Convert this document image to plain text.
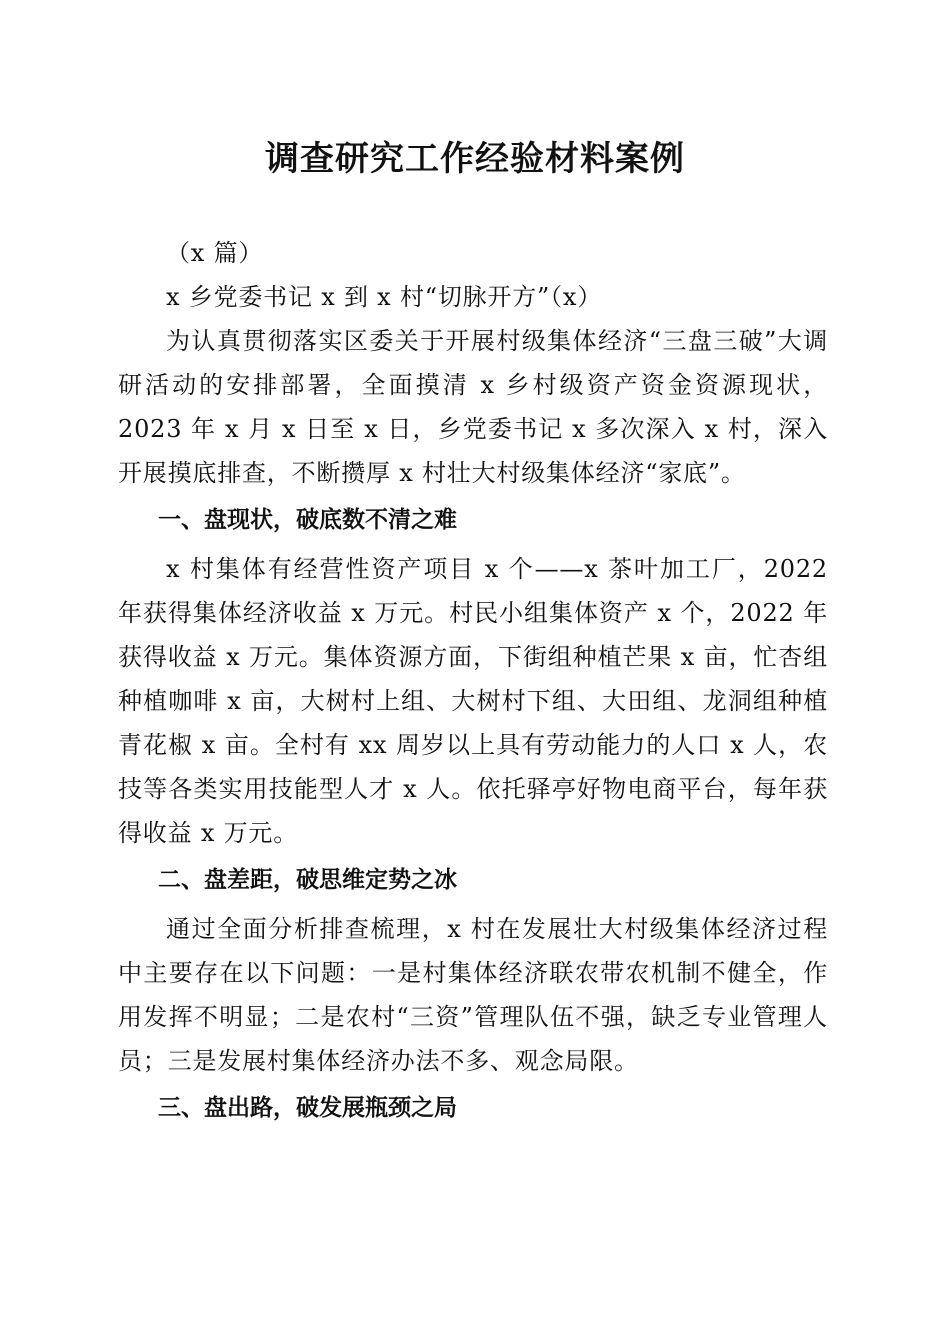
调查研究工作经验材料案例

（x 篇）

x 乡党委书记 x 到 x 村“切脉开方”（x）

为认真贯彻落实区委关于开展村级集体经济“三盘三破”大调研活动的安排部署，全面摸清 x 乡村级资产资金资源现状，2023 年 x 月 x 日至 x 日，乡党委书记 x 多次深入 x 村，深入开展摸底排查，不断攒厚 x 村壮大村级集体经济“家底”。

一、盘现状，破底数不清之难

x 村集体有经营性资产项目 x 个——x 茶叶加工厂，2022 年获得集体经济收益 x 万元。村民小组集体资产 x 个，2022 年获得收益 x 万元。集体资源方面，下街组种植芒果 x 亩，忙杏组种植咖啡 x 亩，大树村上组、大树村下组、大田组、龙洞组种植青花椒 x 亩。全村有 xx 周岁以上具有劳动能力的人口 x 人，农技等各类实用技能型人才 x 人。依托驿亭好物电商平台，每年获得收益 x 万元。

二、盘差距，破思维定势之冰

通过全面分析排查梳理，x 村在发展壮大村级集体经济过程中主要存在以下问题：一是村集体经济联农带农机制不健全，作用发挥不明显；二是农村“三资”管理队伍不强，缺乏专业管理人员；三是发展村集体经济办法不多、观念局限。

三、盘出路，破发展瓶颈之局
